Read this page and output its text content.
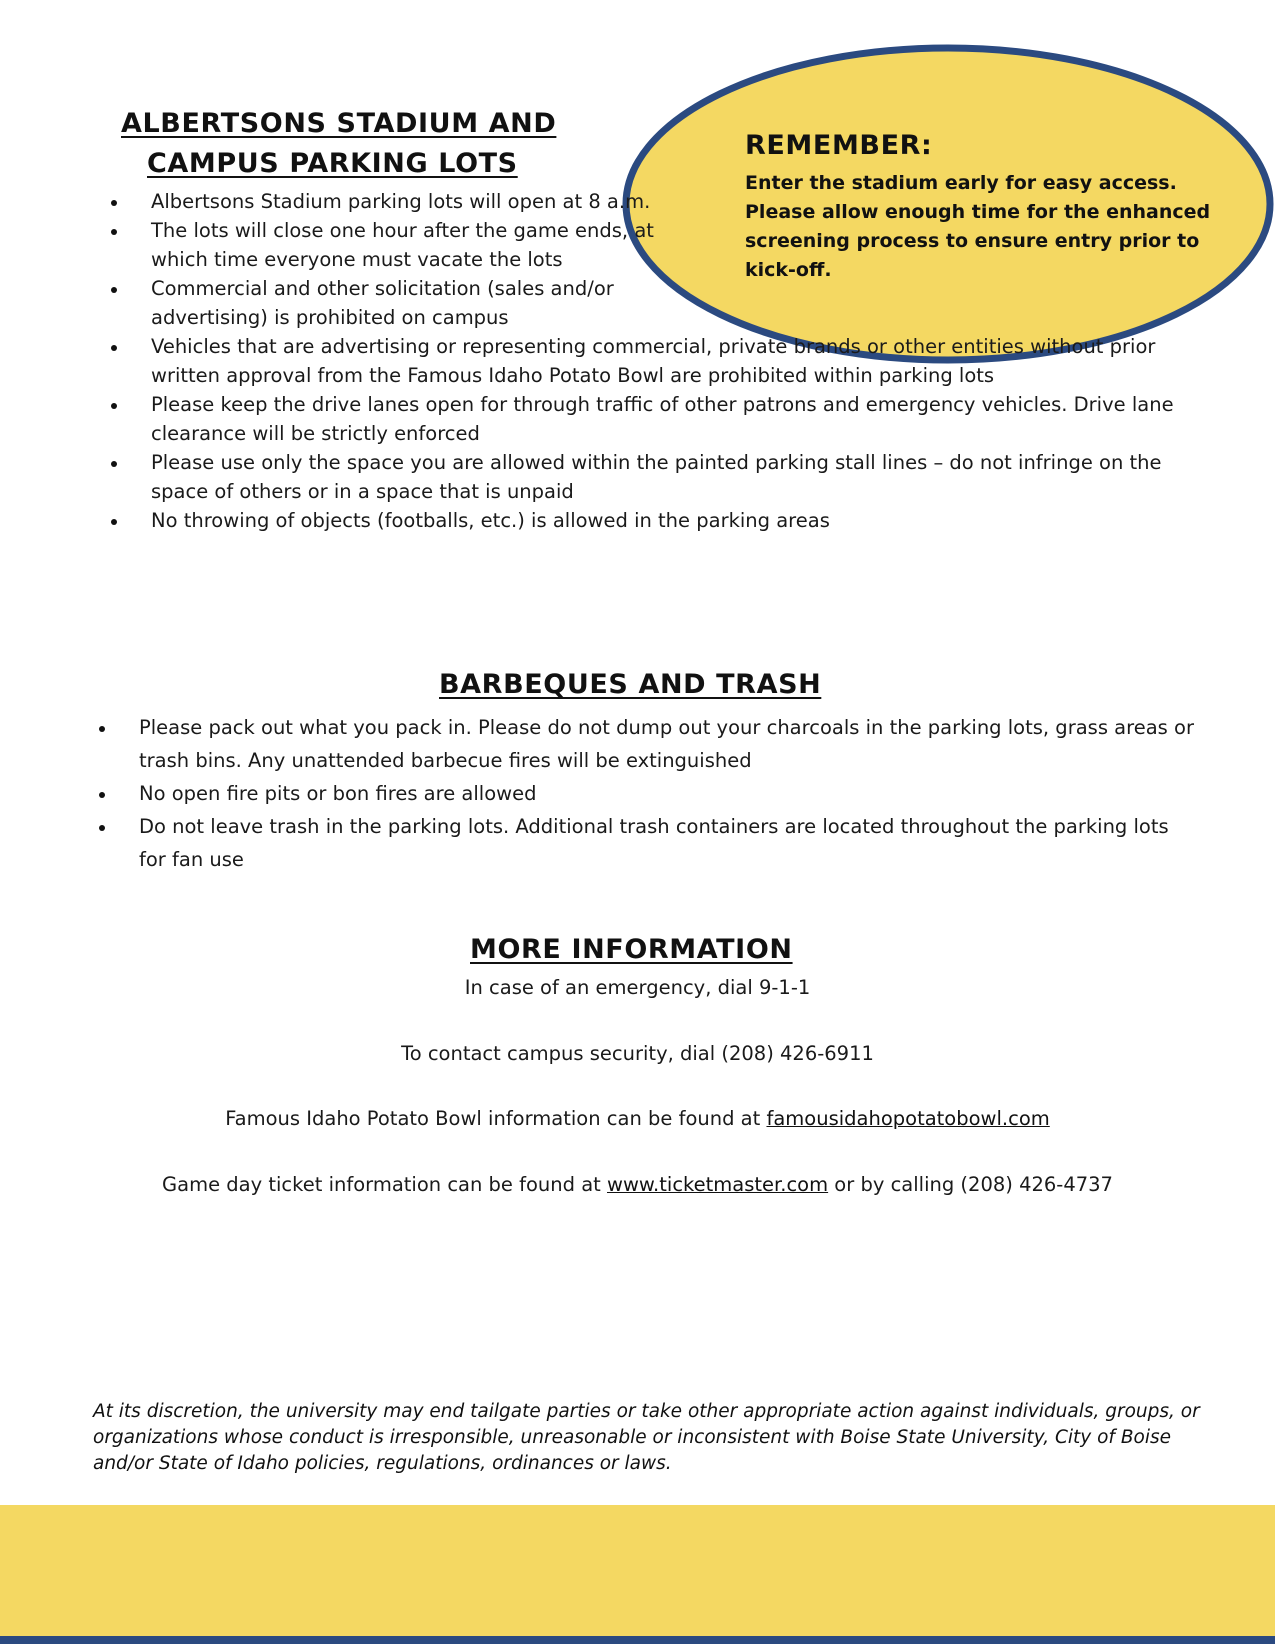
REMEMBER:

Enter the stadium early for easy access. Please allow enough time for the enhanced screening process to ensure entry prior to kick-off.

ALBERTSONS STADIUM AND
CAMPUS PARKING LOTS
Albertsons Stadium parking lots will open at 8 a.m.
The lots will close one hour after the game ends, at which time everyone must vacate the lots
Commercial and other solicitation (sales and/or advertising) is prohibited on campus
Vehicles that are advertising or representing commercial, private brands or other entities without prior written approval from the Famous Idaho Potato Bowl are prohibited within parking lots
Please keep the drive lanes open for through traffic of other patrons and emergency vehicles. Drive lane clearance will be strictly enforced
Please use only the space you are allowed within the painted parking stall lines – do not infringe on the space of others or in a space that is unpaid
No throwing of objects (footballs, etc.) is allowed in the parking areas
BARBEQUES AND TRASH
Please pack out what you pack in. Please do not dump out your charcoals in the parking lots, grass areas or trash bins. Any unattended barbecue fires will be extinguished
No open fire pits or bon fires are allowed
Do not leave trash in the parking lots. Additional trash containers are located throughout the parking lots for fan use
MORE INFORMATION
In case of an emergency, dial 9-1-1
To contact campus security, dial (208) 426-6911
Famous Idaho Potato Bowl information can be found at famousidahopotatobowl.com
Game day ticket information can be found at www.ticketmaster.com or by calling (208) 426-4737

At its discretion, the university may end tailgate parties or take other appropriate action against individuals, groups, or organizations whose conduct is irresponsible, unreasonable or inconsistent with Boise State University, City of Boise and/or State of Idaho policies, regulations, ordinances or laws.
